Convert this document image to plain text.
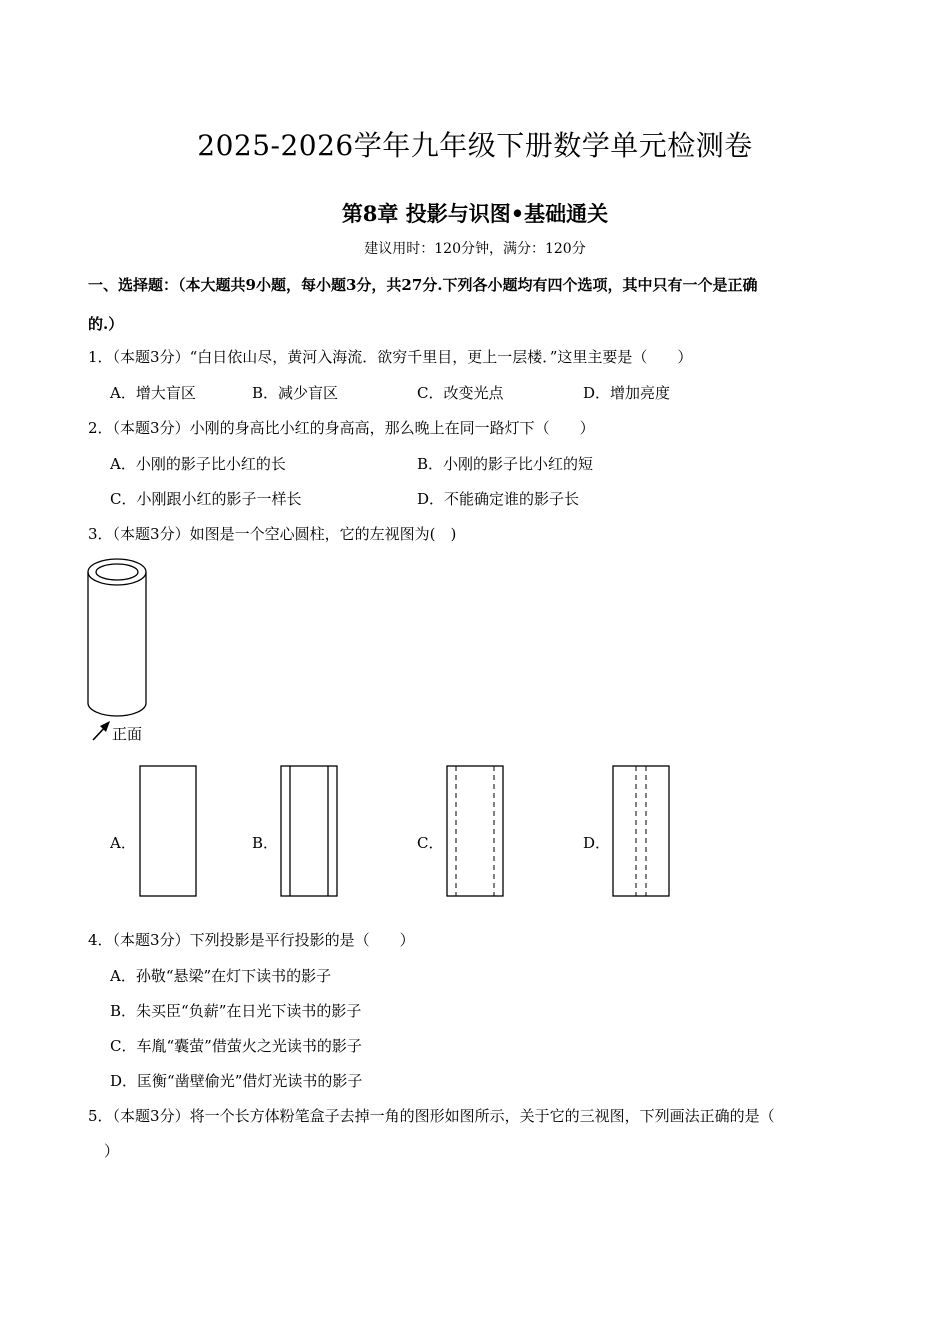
2025-2026学年九年级下册数学单元检测卷
第8章 投影与识图•基础通关
建议用时：120分钟，满分：120分
一、选择题：（本大题共9小题，每小题3分，共27分.下列各小题均有四个选项，其中只有一个是正确
的.）
1．（本题3分）“白日依山尽，黄河入海流．欲穷千里目，更上一层楼．”这里主要是（　　）
A．增大盲区	B．减少盲区	C．改变光点	D．增加亮度
2．（本题3分）小刚的身高比小红的身高高，那么晚上在同一路灯下（　　）
A．小刚的影子比小红的长	B．小刚的影子比小红的短
C．小刚跟小红的影子一样长	D．不能确定谁的影子长
3．（本题3分）如图是一个空心圆柱，它的左视图为(　)
正面
A．	B．	C．	D．
4．（本题3分）下列投影是平行投影的是（　　）
A．孙敬“悬梁”在灯下读书的影子
B．朱买臣“负薪”在日光下读书的影子
C．车胤“囊萤”借萤火之光读书的影子
D．匡衡“凿壁偷光”借灯光读书的影子
5．（本题3分）将一个长方体粉笔盒子去掉一角的图形如图所示，关于它的三视图，下列画法正确的是（
）
